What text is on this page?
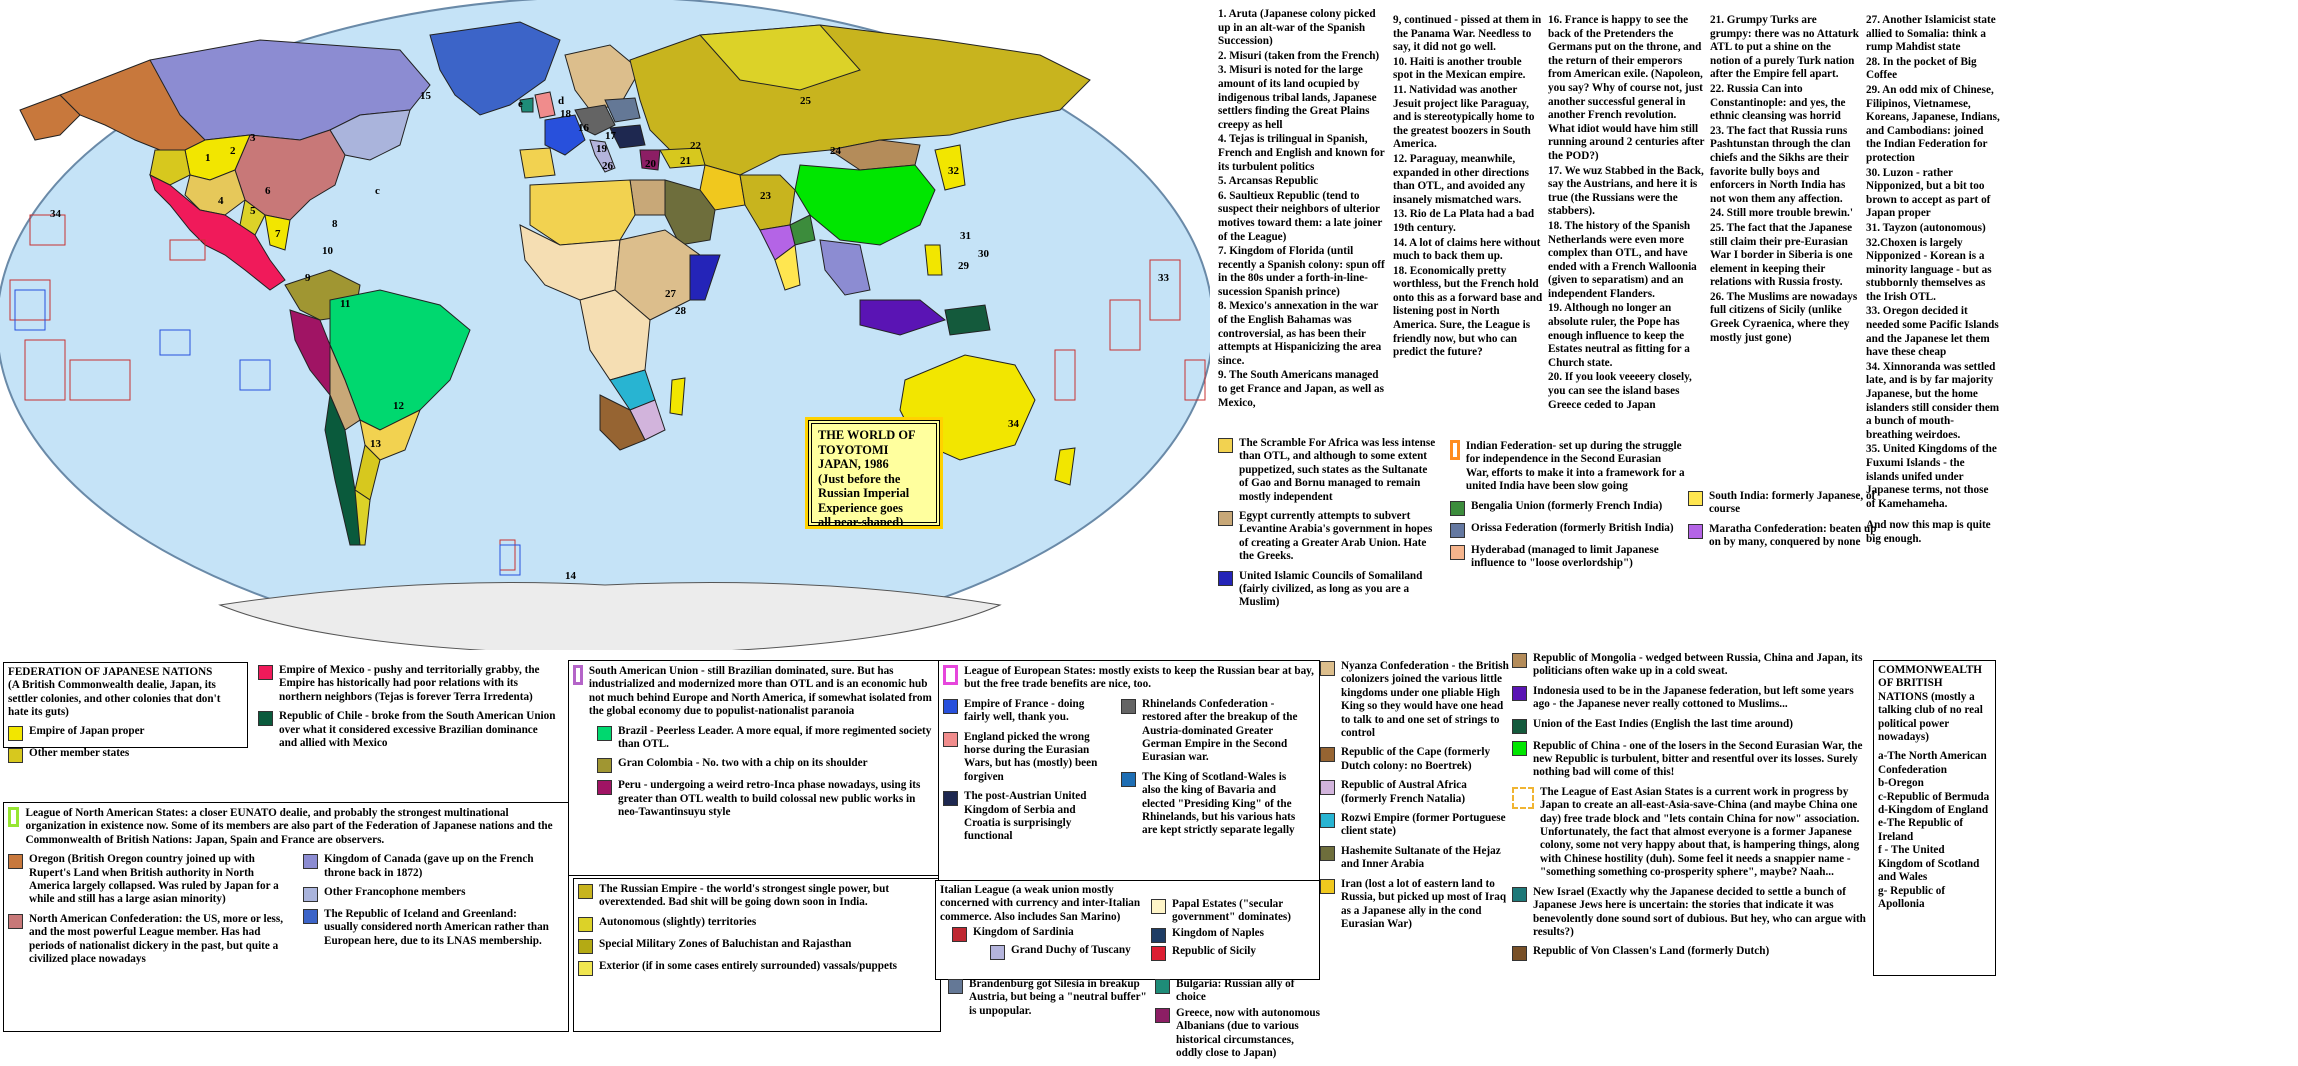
1
2
3
4
5
6
7
8
9
10
11
12
13
14
15
16
17
18
19
20 21
22
23
24
25
26
27
28
29
30
31
32
33
34
34
c
d
e
THE WORLD OF
TOYOTOMI
JAPAN, 1986
(Just before the
Russian Imperial
Experience goes
all pear-shaped)

1. Aruta (Japanese colony picked up in an alt-war of the Spanish Succession)

2. Misuri (taken from the French)

3. Misuri is noted for the large amount of its land ocupied by indigenous tribal lands, Japanese settlers finding the Great Plains creepy as hell

4. Tejas is trilingual in Spanish, French and English and known for its turbulent politics

5. Arcansas Republic

6. Saultieux Republic (tend to suspect their neighbors of ulterior motives toward them: a late joiner of the League)

7. Kingdom of Florida (until recently a Spanish colony: spun off in the 80s under a forth-in-line-sucession Spanish prince)

8. Mexico's annexation in the war of the English Bahamas was controversial, as has been their attempts at Hispanicizing the area since.

9. The South Americans managed to get France and Japan, as well as Mexico,

9, continued - pissed at them in the Panama War. Needless to say, it did not go well.

10. Haiti is another trouble spot in the Mexican empire.

11. Natividad was another Jesuit project like Paraguay, and is stereotypically home to the greatest boozers in South America.

12. Paraguay, meanwhile, expanded in other directions than OTL, and avoided any insanely mismatched wars.

13. Rio de La Plata had a bad 19th century.

14. A lot of claims here without much to back them up.

18. Economically pretty worthless, but the French hold onto this as a forward base and listening post in North America. Sure, the League is friendly now, but who can predict the future?

16. France is happy to see the back of the Pretenders the Germans put on the throne, and the return of their emperors from American exile. (Napoleon, you say? Why of course not, just another successful general in another French revolution. What idiot would have him still running around 2 centuries after the POD?)

17. We wuz Stabbed in the Back, say the Austrians, and here it is true (the Russians were the stabbers).

18. The history of the Spanish Netherlands were even more complex than OTL, and have ended with a French Walloonia (given to separatism) and an independent Flanders.

19. Although no longer an absolute ruler, the Pope has enough influence to keep the Estates neutral as fitting for a Church state.

20. If you look veeeery closely, you can see the island bases Greece ceded to Japan

21. Grumpy Turks are grumpy: there was no Attaturk ATL to put a shine on the notion of a purely Turk nation after the Empire fell apart.

22. Russia Can into Constantinople: and yes, the ethnic cleansing was horrid

23. The fact that Russia runs Pashtunstan through the clan chiefs and the Sikhs are their favorite bully boys and enforcers in North India has not won them any affection.

24. Still more trouble brewin.'

25. The fact that the Japanese still claim their pre-Eurasian War I border in Siberia is one element in keeping their relations with Russia frosty.

26. The Muslims are nowadays full citizens of Sicily (unlike Greek Cyraenica, where they mostly just gone)

27. Another Islamicist state allied to Somalia: think a rump Mahdist state

28. In the pocket of Big Coffee

29. An odd mix of Chinese, Filipinos, Vietnamese, Koreans, Japanese, Indians, and Cambodians: joined the Indian Federation for protection

30. Luzon - rather Nipponized, but a bit too brown to accept as part of Japan proper

31. Tayzon (autonomous)

32.Choxen is largely Nipponized - Korean is a minority language - but as stubbornly themselves as the Irish OTL.

33. Oregon decided it needed some Pacific Islands and the Japanese let them have these cheap

34. Xinnoranda was settled late, and is by far majority Japanese, but the home islanders still consider them a bunch of mouth-breathing weirdoes.

35. United Kingdoms of the Fuxumi Islands - the islands unifed under Japanese terms, not those of Kamehameha.

And now this map is quite big enough.

The Scramble For Africa was less intense than OTL, and although to some extent puppetized, such states as the Sultanate of Gao and Bornu managed to remain mostly independent
Egypt currently attempts to subvert Levantine Arabia's government in hopes of creating a Greater Arab Union. Hate the Greeks.
United Islamic Councils of Somaliland (fairly civilized, as long as you are a Muslim)
Indian Federation- set up during the struggle for independence in the Second Eurasian War, efforts to make it into a framework for a united India have been slow going
Bengalia Union (formerly French India)
Orissa Federation (formerly British India)
Hyderabad (managed to limit Japanese influence to "loose overlordship")
South India: formerly Japanese, of course
Maratha Confederation: beaten up on by many, conquered by none
FEDERATION OF JAPANESE NATIONS
(A British Commonwealth dealie, Japan, its settler colonies, and other colonies that don't hate its guts)
Empire of Japan proper
Other member states
Empire of Mexico - pushy and territorially grabby, the Empire has historically had poor relations with its northern neighbors (Tejas is forever Terra Irredenta)
Republic of Chile - broke from the South American Union over what it considered excessive Brazilian dominance and allied with Mexico
League of North American States: a closer EUNATO dealie, and probably the strongest multinational organization in existence now. Some of its members are also part of the Federation of Japanese nations and the Commonwealth of British Nations: Japan, Spain and France are observers.
Oregon (British Oregon country joined up with Rupert's Land when British authority in North America largely collapsed. Was ruled by Japan for a while and still has a large asian minority)
North American Confederation: the US, more or less, and the most powerful League member. Has had periods of nationalist dickery in the past, but quite a civilized place nowadays
Kingdom of Canada (gave up on the French throne back in 1872)
Other Francophone members
The Republic of Iceland and Greenland: usually considered north American rather than European here, due to its LNAS membership.
South American Union - still Brazilian dominated, sure. But has industrialized and modernized more than OTL and is an economic hub not much behind Europe and North America, if somewhat isolated from the global economy due to populist-nationalist paranoia
Brazil - Peerless Leader. A more equal, if more regimented society than OTL.
Gran Colombia - No. two with a chip on its shoulder
Peru - undergoing a weird retro-Inca phase nowadays, using its greater than OTL wealth to build colossal new public works in neo-Tawantinsuyu style
The Russian Empire - the world's strongest single power, but overextended. Bad shit will be going down soon in India.
Autonomous (slightly) territories
Special Military Zones of Baluchistan and Rajasthan
Exterior (if in some cases entirely surrounded) vassals/puppets
League of European States: mostly exists to keep the Russian bear at bay, but the free trade benefits are nice, too.
Empire of France - doing fairly well, thank you.
England picked the wrong horse during the Eurasian Wars, but has (mostly) been forgiven
The post-Austrian United Kingdom of Serbia and Croatia is surprisingly functional
Rhinelands Confederation - restored after the breakup of the Austria-dominated Greater German Empire in the Second Eurasian war.
The King of Scotland-Wales is also the king of Bavaria and elected "Presiding King" of the Rhinelands, but his various hats are kept strictly separate legally
Italian League (a weak union mostly concerned with currency and inter-Italian commerce. Also includes San Marino)
Kingdom of Sardinia
Grand Duchy of Tuscany
Papal Estates ("secular government" dominates)
Kingdom of Naples
Republic of Sicily
Brandenburg got Silesia in breakup Austria, but being a "neutral buffer" is unpopular.
Bulgaria: Russian ally of choice
Greece, now with autonomous Albanians (due to various historical circumstances, oddly close to Japan)
Nyanza Confederation - the British colonizers joined the various little kingdoms under one pliable High King so they would have one head to talk to and one set of strings to control
Republic of the Cape (formerly Dutch colony: no Boertrek)
Republic of Austral Africa (formerly French Natalia)
Rozwi Empire (former Portuguese client state)
Hashemite Sultanate of the Hejaz and Inner Arabia
Iran (lost a lot of eastern land to Russia, but picked up most of Iraq as a Japanese ally in the cond Eurasian War)
Republic of Mongolia - wedged between Russia, China and Japan, its politicians often wake up in a cold sweat.
Indonesia used to be in the Japanese federation, but left some years ago - the Japanese never really cottoned to Muslims...
Union of the East Indies (English the last time around)
Republic of China - one of the losers in the Second Eurasian War, the new Republic is turbulent, bitter and resentful over its losses. Surely nothing bad will come of this!
The League of East Asian States is a current work in progress by Japan to create an all-east-Asia-save-China (and maybe China one day) free trade block and "lets contain China for now" association. Unfortunately, the fact that almost everyone is a former Japanese colony, some not very happy about that, is hampering things, along with Chinese hostility (duh). Some feel it needs a snappier name - "something something co-prosperity sphere", maybe? Naah...
New Israel (Exactly why the Japanese decided to settle a bunch of Japanese Jews here is uncertain: the stories that indicate it was benevolently done sound sort of dubious. But hey, who can argue with results?)
Republic of Von Classen's Land (formerly Dutch)
COMMONWEALTH OF BRITISH NATIONS (mostly a talking club of no real political power nowadays)
a-The North American Confederation
b-Oregon
c-Republic of Bermuda
d-Kingdom of England
e-The Republic of Ireland
f - The United Kingdom of Scotland and Wales
g- Republic of Apollonia
